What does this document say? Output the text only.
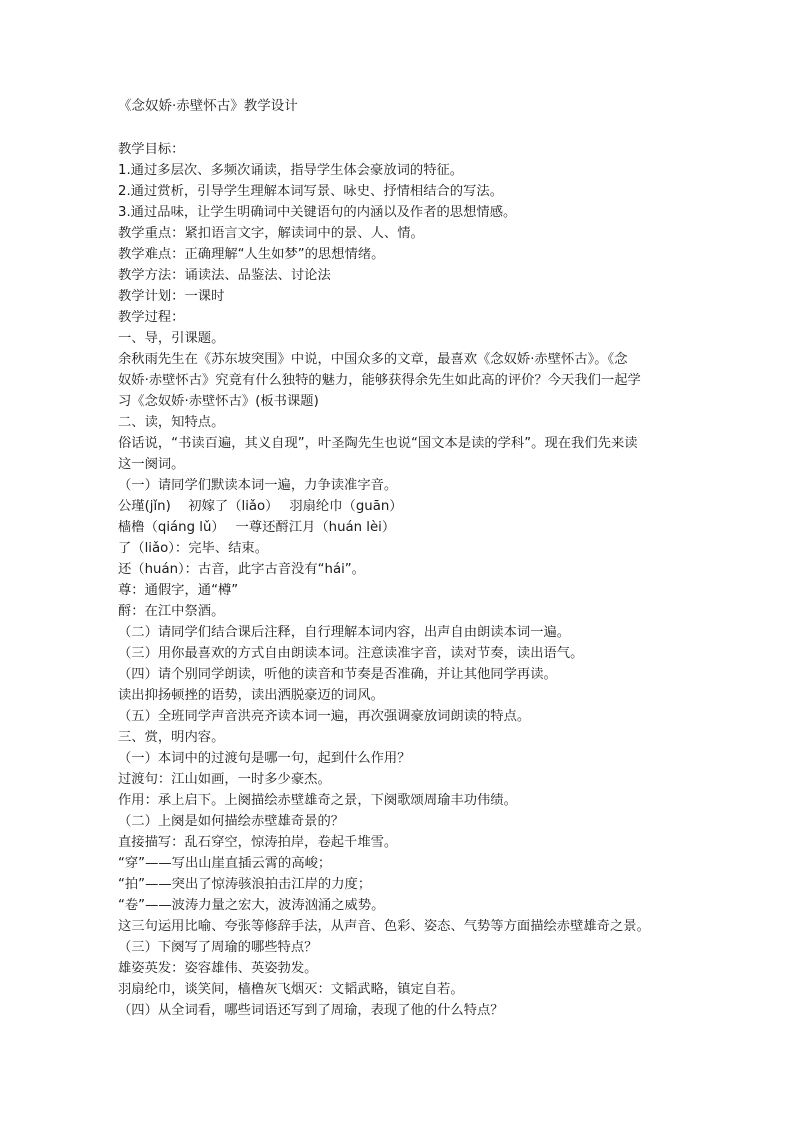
《念奴娇·赤壁怀古》教学设计

教学目标：

1.通过多层次、多频次诵读，指导学生体会豪放词的特征。

2.通过赏析，引导学生理解本词写景、咏史、抒情相结合的写法。

3.通过品味，让学生明确词中关键语句的内涵以及作者的思想情感。

教学重点：紧扣语言文字，解读词中的景、人、情。

教学难点：正确理解“人生如梦”的思想情绪。

教学方法：诵读法、品鉴法、讨论法

教学计划：一课时

教学过程：

一、导，引课题。

余秋雨先生在《苏东坡突围》中说，中国众多的文章，最喜欢《念奴娇·赤壁怀古》。《念

奴娇·赤壁怀古》究竟有什么独特的魅力，能够获得余先生如此高的评价？今天我们一起学

习《念奴娇·赤壁怀古》(板书课题)

二、读，知特点。

俗话说，“书读百遍，其义自现”，叶圣陶先生也说“国文本是读的学科”。现在我们先来读

这一阕词。

（一）请同学们默读本词一遍，力争读准字音。

公瑾(jǐn)　 初嫁了（liǎo）　 羽扇纶巾（guān）

樯橹（qiáng lǔ）　 一尊还酹江月（huán lèi）

了（liǎo）：完毕、结束。

还（huán）：古音，此字古音没有“hái”。

尊：通假字，通“樽”

酹：在江中祭酒。

（二）请同学们结合课后注释，自行理解本词内容，出声自由朗读本词一遍。

（三）用你最喜欢的方式自由朗读本词。注意读准字音，读对节奏，读出语气。

（四）请个别同学朗读，听他的读音和节奏是否准确，并让其他同学再读。

读出抑扬顿挫的语势，读出洒脱豪迈的词风。

（五）全班同学声音洪亮齐读本词一遍，再次强调豪放词朗读的特点。

三、赏，明内容。

（一）本词中的过渡句是哪一句，起到什么作用？

过渡句：江山如画，一时多少豪杰。

作用：承上启下。上阕描绘赤壁雄奇之景，下阕歌颂周瑜丰功伟绩。

（二）上阕是如何描绘赤壁雄奇景的？

直接描写：乱石穿空，惊涛拍岸，卷起千堆雪。

“穿”——写出山崖直插云霄的高峻；

“拍”——突出了惊涛骇浪拍击江岸的力度；

“卷”——波涛力量之宏大，波涛汹涌之威势。

这三句运用比喻、夸张等修辞手法，从声音、色彩、姿态、气势等方面描绘赤壁雄奇之景。

（三）下阕写了周瑜的哪些特点？

雄姿英发：姿容雄伟、英姿勃发。

羽扇纶巾，谈笑间，樯橹灰飞烟灭：文韬武略，镇定自若。

（四）从全词看，哪些词语还写到了周瑜，表现了他的什么特点？
